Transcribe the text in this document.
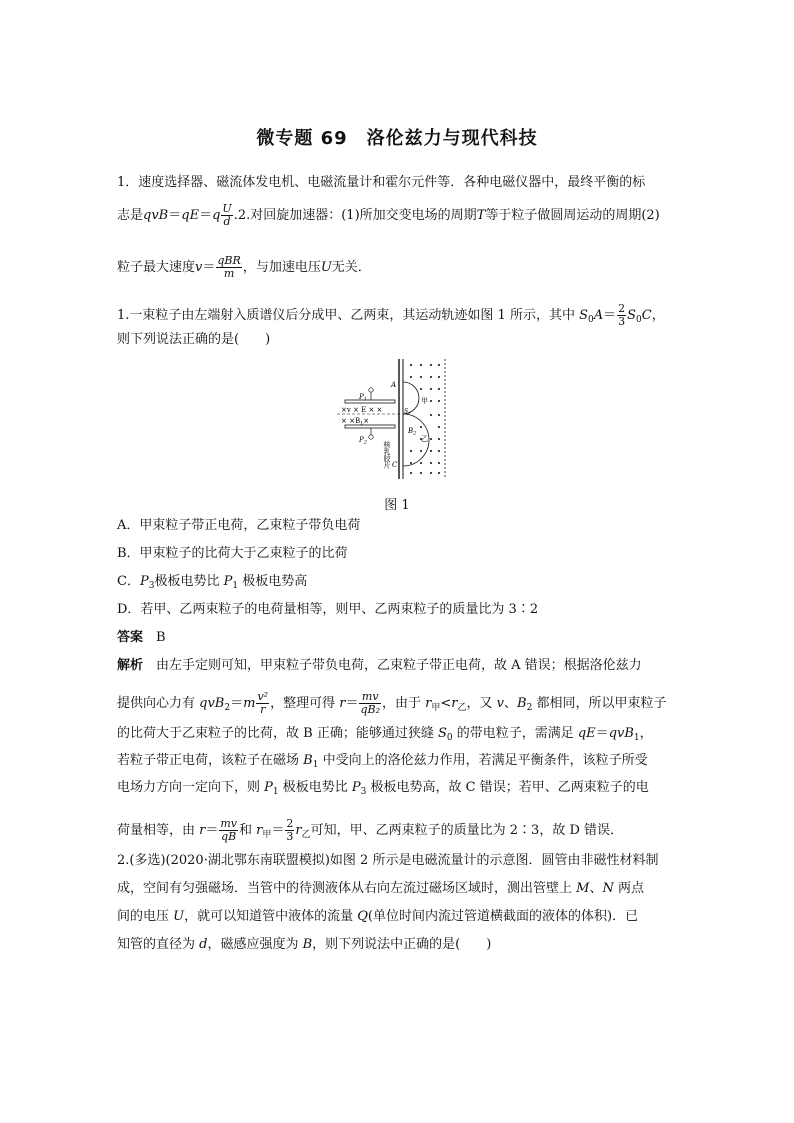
微专题 69　洛伦兹力与现代科技
1．速度选择器、磁流体发电机、电磁流量计和霍尔元件等．各种电磁仪器中，最终平衡的标
志是$qvB=qE=q \frac{U}{d} .2$.对回旋加速器：(1)所加交变电场的周期T等于粒子做圆周运动的周期(2)
粒子最大速度$v= \frac{\text{qBR}}{m}$ ，与加速电压U无关．
1.一束粒子由左端射入质谱仪后分成甲、乙两束，其运动轨迹如图 1 所示，其中 $S_0A= \frac{2}{3} S_0C$，
则下列说法正确的是(　　)
$P_1$
$P_2$
×v × E × ×
× $\times B_1\times$
S0
A
C
甲
乙
$B_2$
核乳胶片
图 1
A．甲束粒子带正电荷，乙束粒子带负电荷
B．甲束粒子的比荷大于乙束粒子的比荷
C．$P_3$极板电势比 $P_1$ 极板电势高
D．若甲、乙两束粒子的电荷量相等，则甲、乙两束粒子的质量比为 3∶2
答案　 B
解析　 由左手定则可知，甲束粒子带负电荷，乙束粒子带正电荷，故 A 错误；根据洛伦兹力
提供向心力有 $qvB_2=m \frac{\text{v²}}{r}$ ，整理可得 $r= \frac{mv}{\text{qB₂}}$ ，由于 $r_甲<r_乙$，又 v、$B_2$ 都相同，所以甲束粒子
的比荷大于乙束粒子的比荷，故 B 正确；能够通过狭缝 $S_0$ 的带电粒子，需满足 qE＝qvB$_1$，
若粒子带正电荷，该粒子在磁场 $B_1$ 中受向上的洛伦兹力作用，若满足平衡条件，该粒子所受
电场力方向一定向下，则 $P_1$ 极板电势比 $P_3$ 极板电势高，故 C 错误；若甲、乙两束粒子的电
荷量相等，由 $r= \frac{mv}{qB}$ 和 $r_甲= \frac{2}{3} r_乙$可知，甲、乙两束粒子的质量比为 2∶3，故 D 错误．
2.(多选)(2020·湖北鄂东南联盟模拟)如图 2 所示是电磁流量计的示意图．圆管由非磁性材料制
成，空间有匀强磁场．当管中的待测液体从右向左流过磁场区域时，测出管壁上 M、N 两点
间的电压 U，就可以知道管中液体的流量 Q(单位时间内流过管道横截面的液体的体积)．已
知管的直径为 d，磁感应强度为 B，则下列说法中正确的是(　　)
